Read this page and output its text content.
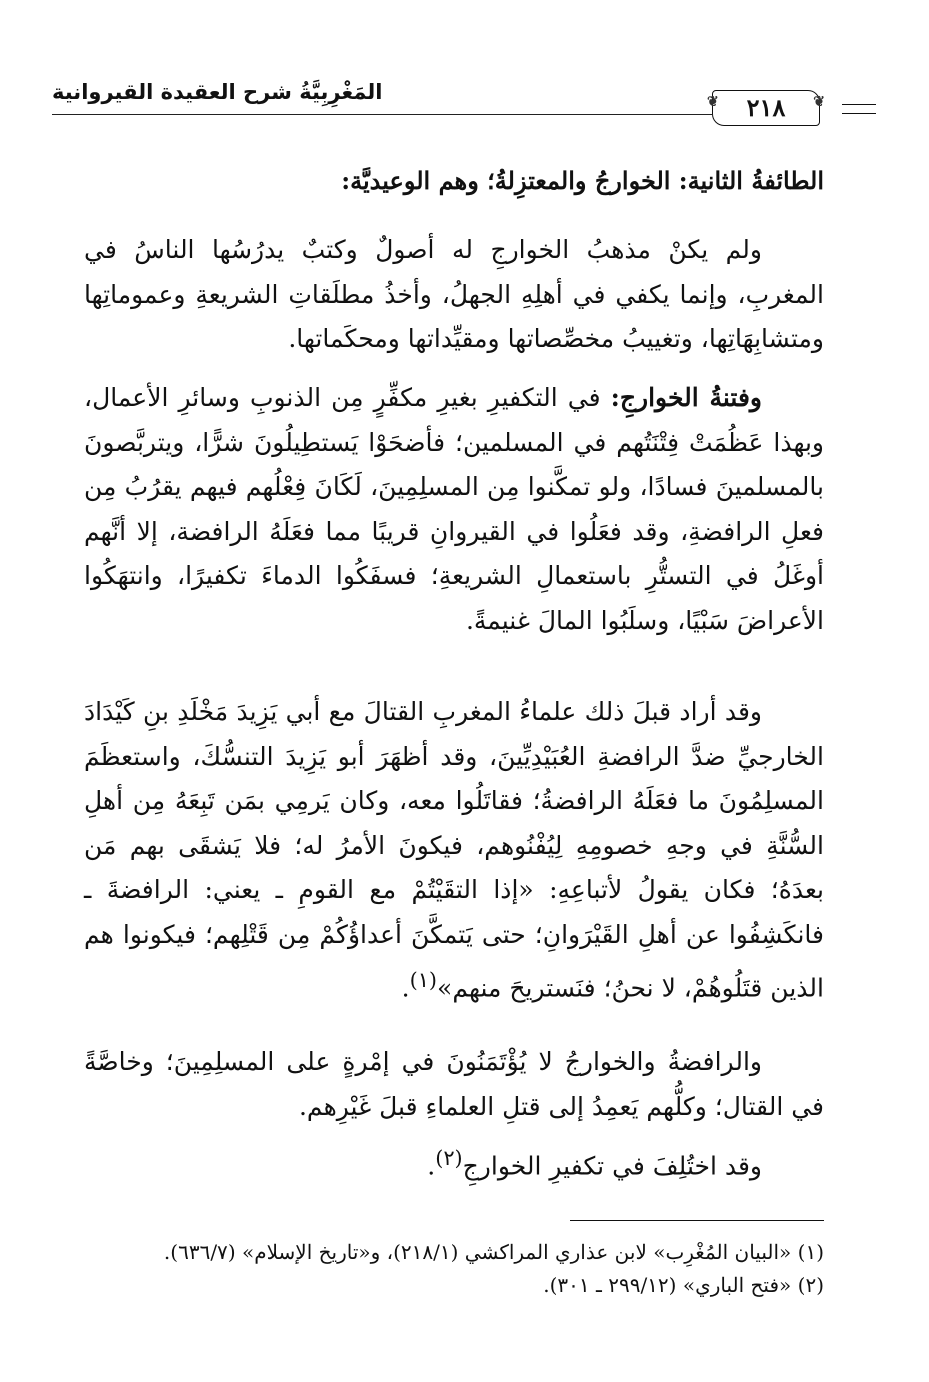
المَغْرِبِيَّةُ شرح العقيدة القيروانية	❦ ٢١٨ ❦
الطائفةُ الثانية: الخوارجُ والمعتزِلةُ؛ وهم الوعيديَّة:
ولم يكنْ مذهبُ الخوارجِ له أصولٌ وكتبٌ يدرُسُها الناسُ في المغربِ، وإنما يكفي في أهلِهِ الجهلُ، وأخذُ مطلَقاتِ الشريعةِ وعموماتِها ومتشابِهَاتِها، وتغييبُ مخصِّصاتها ومقيِّداتها ومحكَماتها.
وفتنةُ الخوارجِ: في التكفيرِ بغيرِ مكفِّرٍ مِن الذنوبِ وسائرِ الأعمال، وبهذا عَظُمَتْ فِتْنَتُهم في المسلمين؛ فأضحَوْا يَستطِيلُونَ شرًّا، ويتربَّصونَ بالمسلمينَ فسادًا، ولو تمكَّنوا مِن المسلِمِينَ، لَكَانَ فِعْلُهم فيهم يقرُبُ مِن فعلِ الرافضةِ، وقد فعَلُوا في القيروانِ قريبًا مما فعَلَهُ الرافضة، إلا أنَّهم أوغَلُ في التستُّرِ باستعمالِ الشريعةِ؛ فسفَكُوا الدماءَ تكفيرًا، وانتهَكُوا الأعراضَ سَبْيًا، وسلَبُوا المالَ غنيمةً.
وقد أراد قبلَ ذلك علماءُ المغربِ القتالَ مع أبي يَزِيدَ مَخْلَدِ بنِ كَيْدَادَ الخارجيِّ ضدَّ الرافضةِ العُبَيْدِيِّينَ، وقد أظهَرَ أبو يَزِيدَ التنسُّكَ، واستعظَمَ المسلِمُونَ ما فعَلَهُ الرافضةُ؛ فقاتَلُوا معه، وكان يَرمِي بمَن تَبِعَهُ مِن أهلِ السُّنَّةِ في وجهِ خصومِهِ لِيُفْنُوهم، فيكونَ الأمرُ له؛ فلا يَشقَى بهم مَن بعدَهُ؛ فكان يقولُ لأتباعِهِ: «إذا التقَيْتُمْ مع القومِ ـ يعني: الرافضةَ ـ فانكَشِفُوا عن أهلِ القَيْرَوانِ؛ حتى يَتمكَّنَ أعداؤُكُمْ مِن قَتْلِهم؛ فيكونوا هم الذين قتَلُوهُمْ، لا نحنُ؛ فنَستريحَ منهم»$^{(١)}$.
والرافضةُ والخوارجُ لا يُؤْتَمَنُونَ في إمْرةٍ على المسلِمِينَ؛ وخاصَّةً في القتال؛ وكلُّهم يَعمِدُ إلى قتلِ العلماءِ قبلَ غَيْرِهم.
وقد اختُلِفَ في تكفيرِ الخوارجِ$^{(٢)}$.
(١) «البيان المُغْرِب» لابن عذاري المراكشي (٢١٨/١)، و«تاريخ الإسلام» (٦٣٦/٧).
(٢) «فتح الباري» (٢٩٩/١٢ ـ ٣٠١).
